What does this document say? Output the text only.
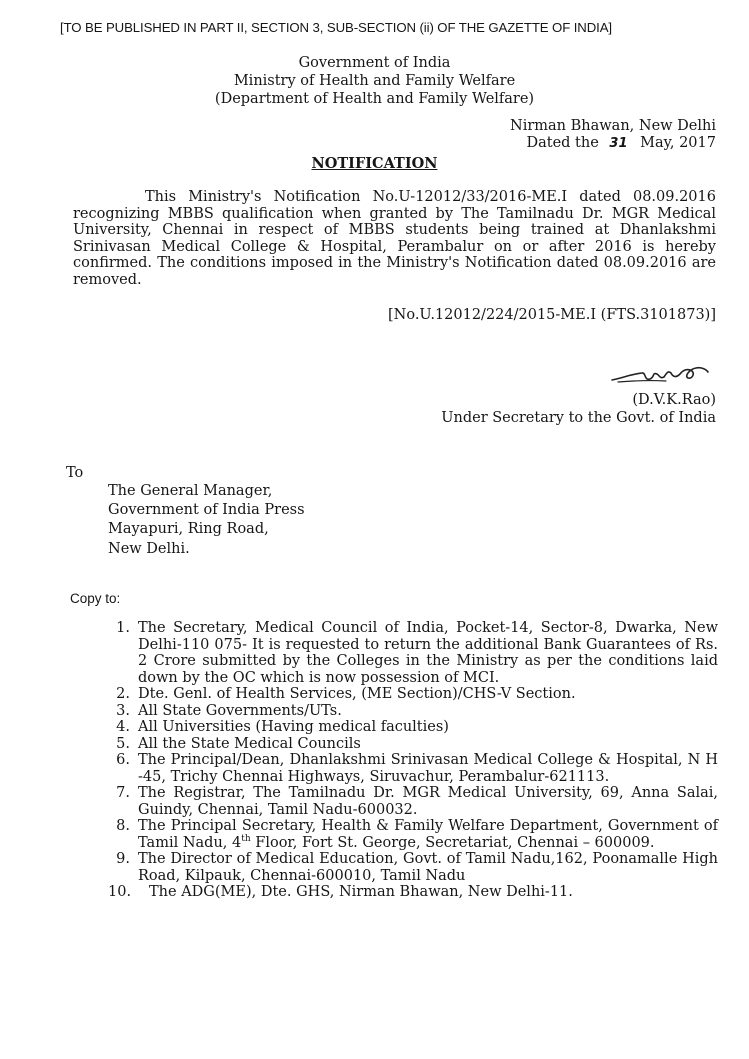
[TO BE PUBLISHED IN PART II, SECTION 3, SUB-SECTION (ii) OF THE GAZETTE OF INDIA]
Government of India
Ministry of Health and Family Welfare
(Department of Health and Family Welfare)
Nirman Bhawan, New Delhi
Dated the 31 May, 2017
NOTIFICATION
This Ministry's Notification No.U-12012/33/2016-ME.I dated 08.09.2016 recognizing MBBS qualification when granted by The Tamilnadu Dr. MGR Medical University, Chennai in respect of MBBS students being trained at Dhanlakshmi Srinivasan Medical College & Hospital, Perambalur on or after 2016 is hereby confirmed. The conditions imposed in the Ministry's Notification dated 08.09.2016 are removed.
[No.U.12012/224/2015-ME.I (FTS.3101873)]
(D.V.K.Rao)
Under Secretary to the Govt. of India
To
The General Manager,
Government of India Press
Mayapuri, Ring Road,
New Delhi.
Copy to:
1. The Secretary, Medical Council of India, Pocket-14, Sector-8, Dwarka, New Delhi-110 075- It is requested to return the additional Bank Guarantees of Rs. 2 Crore submitted by the Colleges in the Ministry as per the conditions laid down by the OC which is now possession of MCI.
2. Dte. Genl. of Health Services, (ME Section)/CHS-V Section.
3. All State Governments/UTs.
4. All Universities (Having medical faculties)
5. All the State Medical Councils
6. The Principal/Dean, Dhanlakshmi Srinivasan Medical College & Hospital, N H -45, Trichy Chennai Highways, Siruvachur, Perambalur-621113.
7. The Registrar, The Tamilnadu Dr. MGR Medical University, 69, Anna Salai, Guindy, Chennai, Tamil Nadu-600032.
8. The Principal Secretary, Health & Family Welfare Department, Government of Tamil Nadu, 4th Floor, Fort St. George, Secretariat, Chennai – 600009.
9. The Director of Medical Education, Govt. of Tamil Nadu,162, Poonamalle High Road, Kilpauk, Chennai-600010, Tamil Nadu
10.	The ADG(ME), Dte. GHS, Nirman Bhawan, New Delhi-11.
